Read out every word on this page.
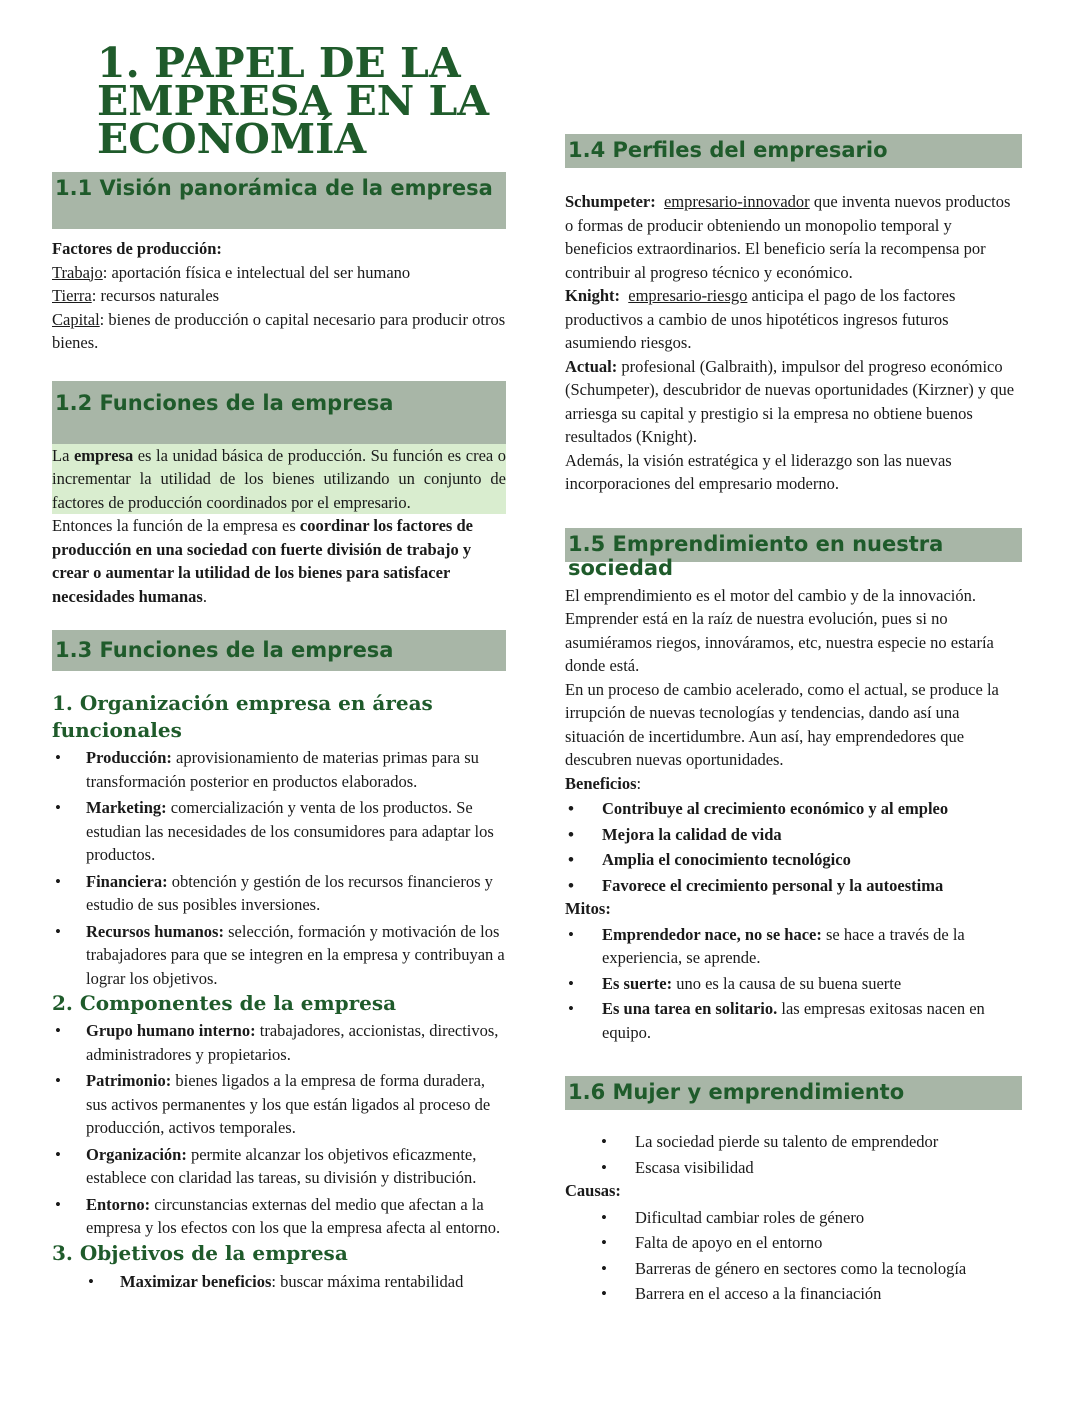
1. PAPEL DE LA
EMPRESA EN LA
ECONOMÍA
1.1 Visión panorámica de la empresa

Factores de producción:

Trabajo: aportación física e intelectual del ser humano

Tierra: recursos naturales

Capital: bienes de producción o capital necesario para producir otros bienes.

1.2 Funciones de la empresa

La empresa es la unidad básica de producción. Su función es crea o incrementar la utilidad de los bienes utilizando un conjunto de factores de producción coordinados por el empresario.

Entonces la función de la empresa es coordinar los factores de producción en una sociedad con fuerte división de trabajo y crear o aumentar la utilidad de los bienes para satisfacer necesidades humanas.

1.3 Funciones de la empresa

1. Organización empresa en áreas funcionales

• Producción: aprovisionamiento de materias primas para su transformación posterior en productos elaborados.
• Marketing: comercialización y venta de los productos. Se estudian las necesidades de los consumidores para adaptar los productos.
• Financiera: obtención y gestión de los recursos financieros y estudio de sus posibles inversiones.
• Recursos humanos: selección, formación y motivación de los trabajadores para que se integren en la empresa y contribuyan a lograr los objetivos.

2. Componentes de la empresa

• Grupo humano interno: trabajadores, accionistas, directivos, administradores y propietarios.
• Patrimonio: bienes ligados a la empresa de forma duradera, sus activos permanentes y los que están ligados al proceso de producción, activos temporales.
• Organización: permite alcanzar los objetivos eficazmente, establece con claridad las tareas, su división y distribución.
• Entorno: circunstancias externas del medio que afectan a la empresa y los efectos con los que la empresa afecta al entorno.

3. Objetivos de la empresa

• Maximizar beneficios: buscar máxima rentabilidad
1.4 Perfiles del empresario

Schumpeter: empresario-innovador que inventa nuevos productos o formas de producir obteniendo un monopolio temporal y beneficios extraordinarios. El beneficio sería la recompensa por contribuir al progreso técnico y económico.

Knight: empresario-riesgo anticipa el pago de los factores productivos a cambio de unos hipotéticos ingresos futuros asumiendo riesgos.

Actual: profesional (Galbraith), impulsor del progreso económico (Schumpeter), descubridor de nuevas oportunidades (Kirzner) y que arriesga su capital y prestigio si la empresa no obtiene buenos resultados (Knight).

Además, la visión estratégica y el liderazgo son las nuevas incorporaciones del empresario moderno.

1.5 Emprendimiento en nuestra sociedad

El emprendimiento es el motor del cambio y de la innovación. Emprender está en la raíz de nuestra evolución, pues si no asumiéramos riegos, innováramos, etc, nuestra especie no estaría donde está.

En un proceso de cambio acelerado, como el actual, se produce la irrupción de nuevas tecnologías y tendencias, dando así una situación de incertidumbre. Aun así, hay emprendedores que descubren nuevas oportunidades.

Beneficios:

• Contribuye al crecimiento económico y al empleo
• Mejora la calidad de vida
• Amplia el conocimiento tecnológico
• Favorece el crecimiento personal y la autoestima

Mitos:

• Emprendedor nace, no se hace: se hace a través de la experiencia, se aprende.
• Es suerte: uno es la causa de su buena suerte
• Es una tarea en solitario. las empresas exitosas nacen en equipo.
1.6 Mujer y emprendimiento
• La sociedad pierde su talento de emprendedor
• Escasa visibilidad

Causas:

• Dificultad cambiar roles de género
• Falta de apoyo en el entorno
• Barreras de género en sectores como la tecnología
• Barrera en el acceso a la financiación
